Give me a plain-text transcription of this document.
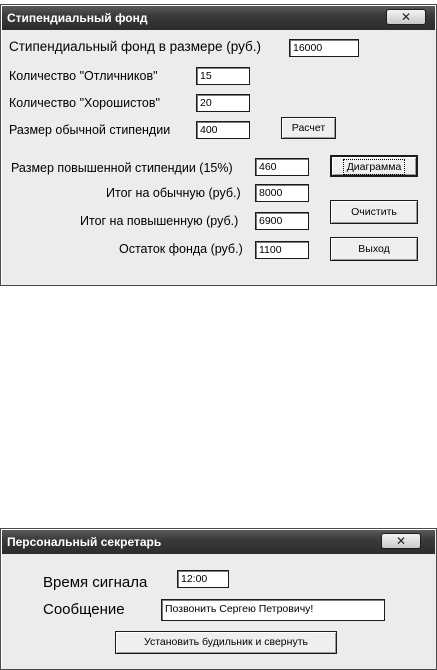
Стипендиальный фонд	✕
Стипендиальный фонд в размере (руб.)	16000
Количество "Отличников"	15
Количество "Хорошистов"	20
Размер обычной стипендии	400	Расчет
Размер повышенной стипендии (15%)	460	Диаграмма
Итог на обычную (руб.)	8000
Очистить
Итог на повышенную (руб.)	6900
Остаток фонда (руб.)	1100	Выход
Персональный секретарь	✕
Время сигнала	12:00
Сообщение	Позвонить Сергею Петровичу!
Установить будильник и свернуть
